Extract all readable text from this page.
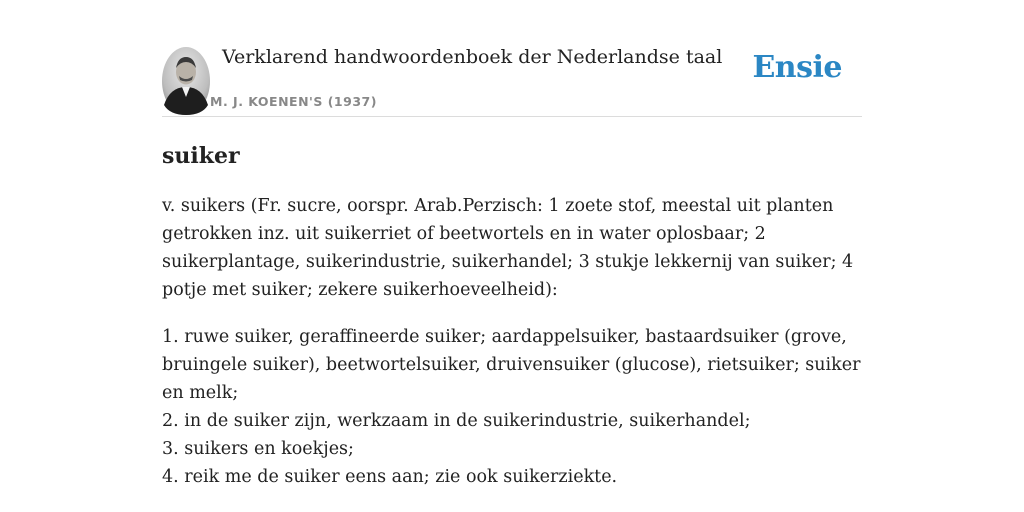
Verklarend handwoordenboek der Nederlandse taal
M. J. KOENEN'S (1937)
Ensie
suiker

v. suikers (Fr. sucre, oorspr. Arab.Perzisch: 1 zoete stof, meestal uit planten getrokken inz. uit suikerriet of beetwortels en in water oplosbaar; 2 suikerplantage, suikerindustrie, suikerhandel; 3 stukje lekkernij van suiker; 4 potje met suiker; zekere suikerhoeveelheid):

1. ruwe suiker, geraffineerde suiker; aardappelsuiker, bastaardsuiker (grove, bruingele suiker), beetwortelsuiker, druivensuiker (glucose), rietsuiker; suiker en melk;
2. in de suiker zijn, werkzaam in de suikerindustrie, suikerhandel;
3. suikers en koekjes;
4. reik me de suiker eens aan; zie ook suikerziekte.
